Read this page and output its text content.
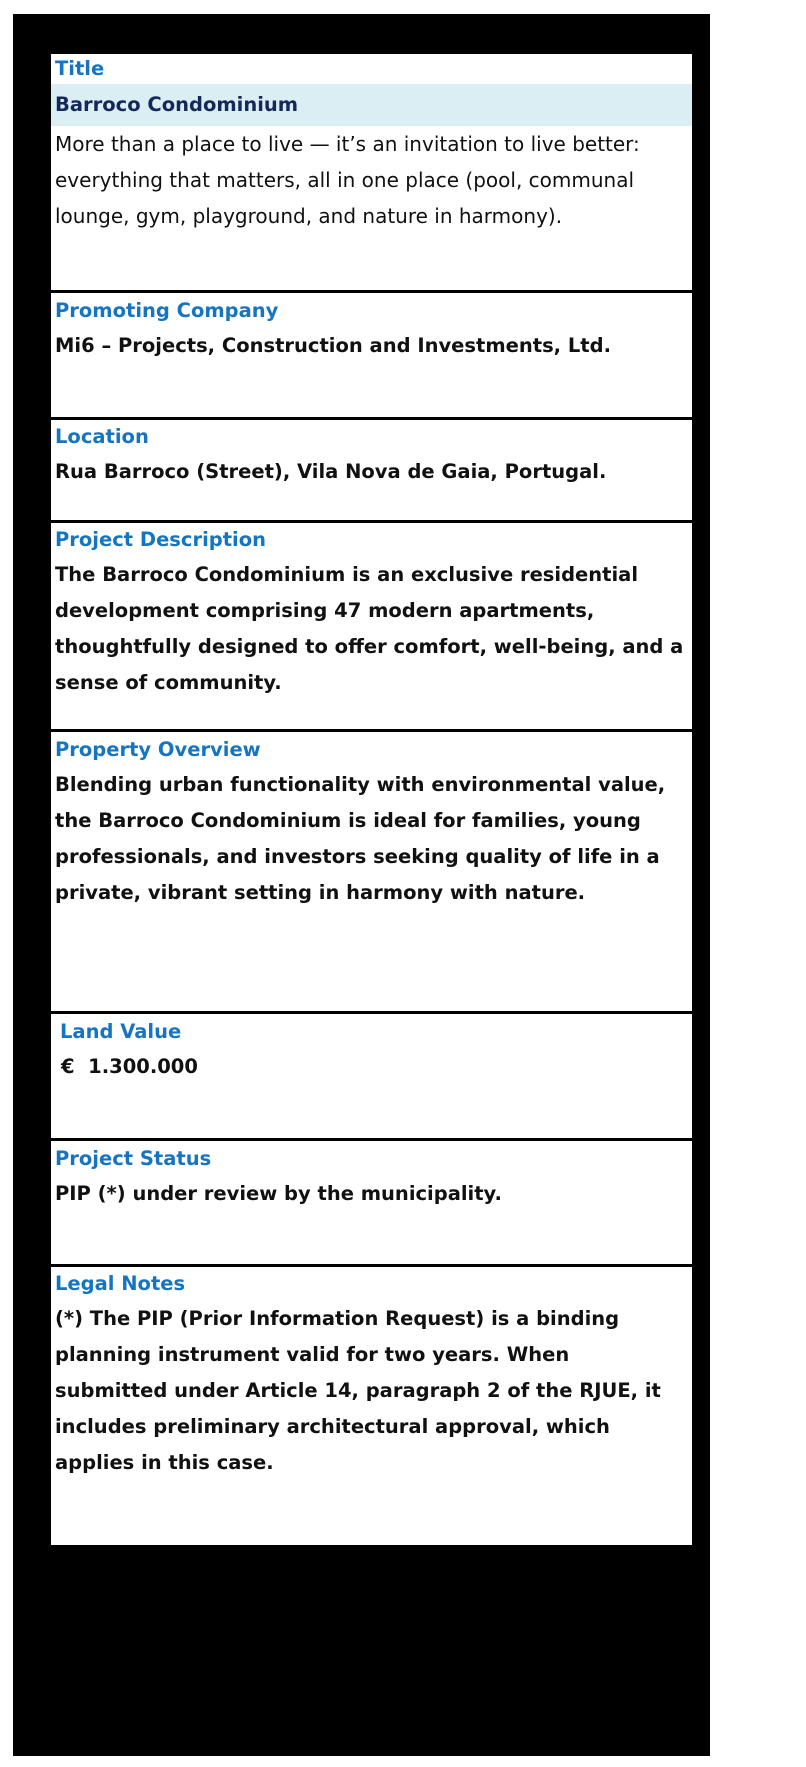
Title
Barroco Condominium
More than a place to live — it’s an invitation to live better: everything that matters, all in one place (pool, communal lounge, gym, playground, and nature in harmony).
Promoting Company
Mi6 – Projects, Construction and Investments, Ltd.
Location
Rua Barroco (Street), Vila Nova de Gaia, Portugal.
Project Description
The Barroco Condominium is an exclusive residential development comprising 47 modern apartments, thoughtfully designed to offer comfort, well-being, and a sense of community.
Property Overview
Blending urban functionality with environmental value, the Barroco Condominium is ideal for families, young professionals, and investors seeking quality of life in a private, vibrant setting in harmony with nature.
Land Value
€  1.300.000
Project Status
PIP (*) under review by the municipality.
Legal Notes
(*) The PIP (Prior Information Request) is a binding planning instrument valid for two years. When submitted under Article 14, paragraph 2 of the RJUE, it includes preliminary architectural approval, which applies in this case.
